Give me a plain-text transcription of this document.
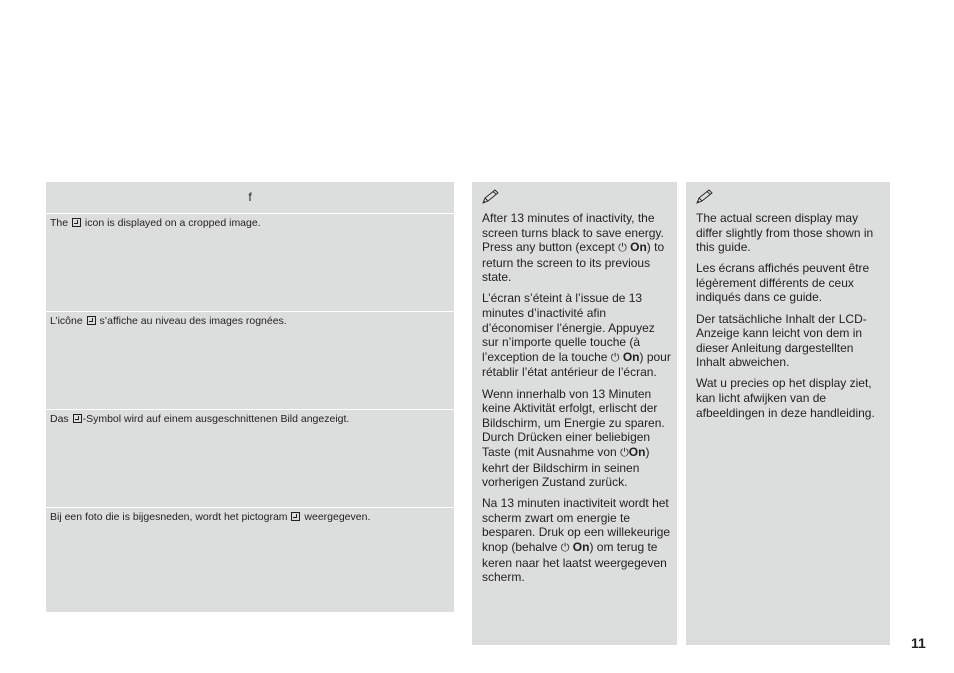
f
The  icon is displayed on a cropped image.
L’icône  s’affiche au niveau des images rognées.
Das -Symbol wird auf einem ausgeschnittenen Bild angezeigt.
Bij een foto die is bijgesneden, wordt het pictogram  weergegeven.

After 13 minutes of inactivity, the screen turns black to save energy. Press any button (except ⏻ On) to return the screen to its previous state.

L’écran s’éteint à l’issue de 13 minutes d’inactivité afin d’économiser l’énergie. Appuyez sur n’importe quelle touche (à l’exception de la touche ⏻ On) pour rétablir l’état antérieur de l’écran.

Wenn innerhalb von 13 Minuten keine Aktivität erfolgt, erlischt der Bildschirm, um Energie zu sparen. Durch Drücken einer beliebigen Taste (mit Ausnahme von ⏻On) kehrt der Bildschirm in seinen vorherigen Zustand zurück.

Na 13 minuten inactiviteit wordt het scherm zwart om energie te besparen. Druk op een willekeurige knop (behalve ⏻ On) om terug te keren naar het laatst weergegeven scherm.

The actual screen display may differ slightly from those shown in this guide.

Les écrans affichés peuvent être légèrement différents de ceux indiqués dans ce guide.

Der tatsächliche Inhalt der LCD-Anzeige kann leicht von dem in dieser Anleitung dargestellten Inhalt abweichen.

Wat u precies op het display ziet, kan licht afwijken van de afbeeldingen in deze handleiding.

11
